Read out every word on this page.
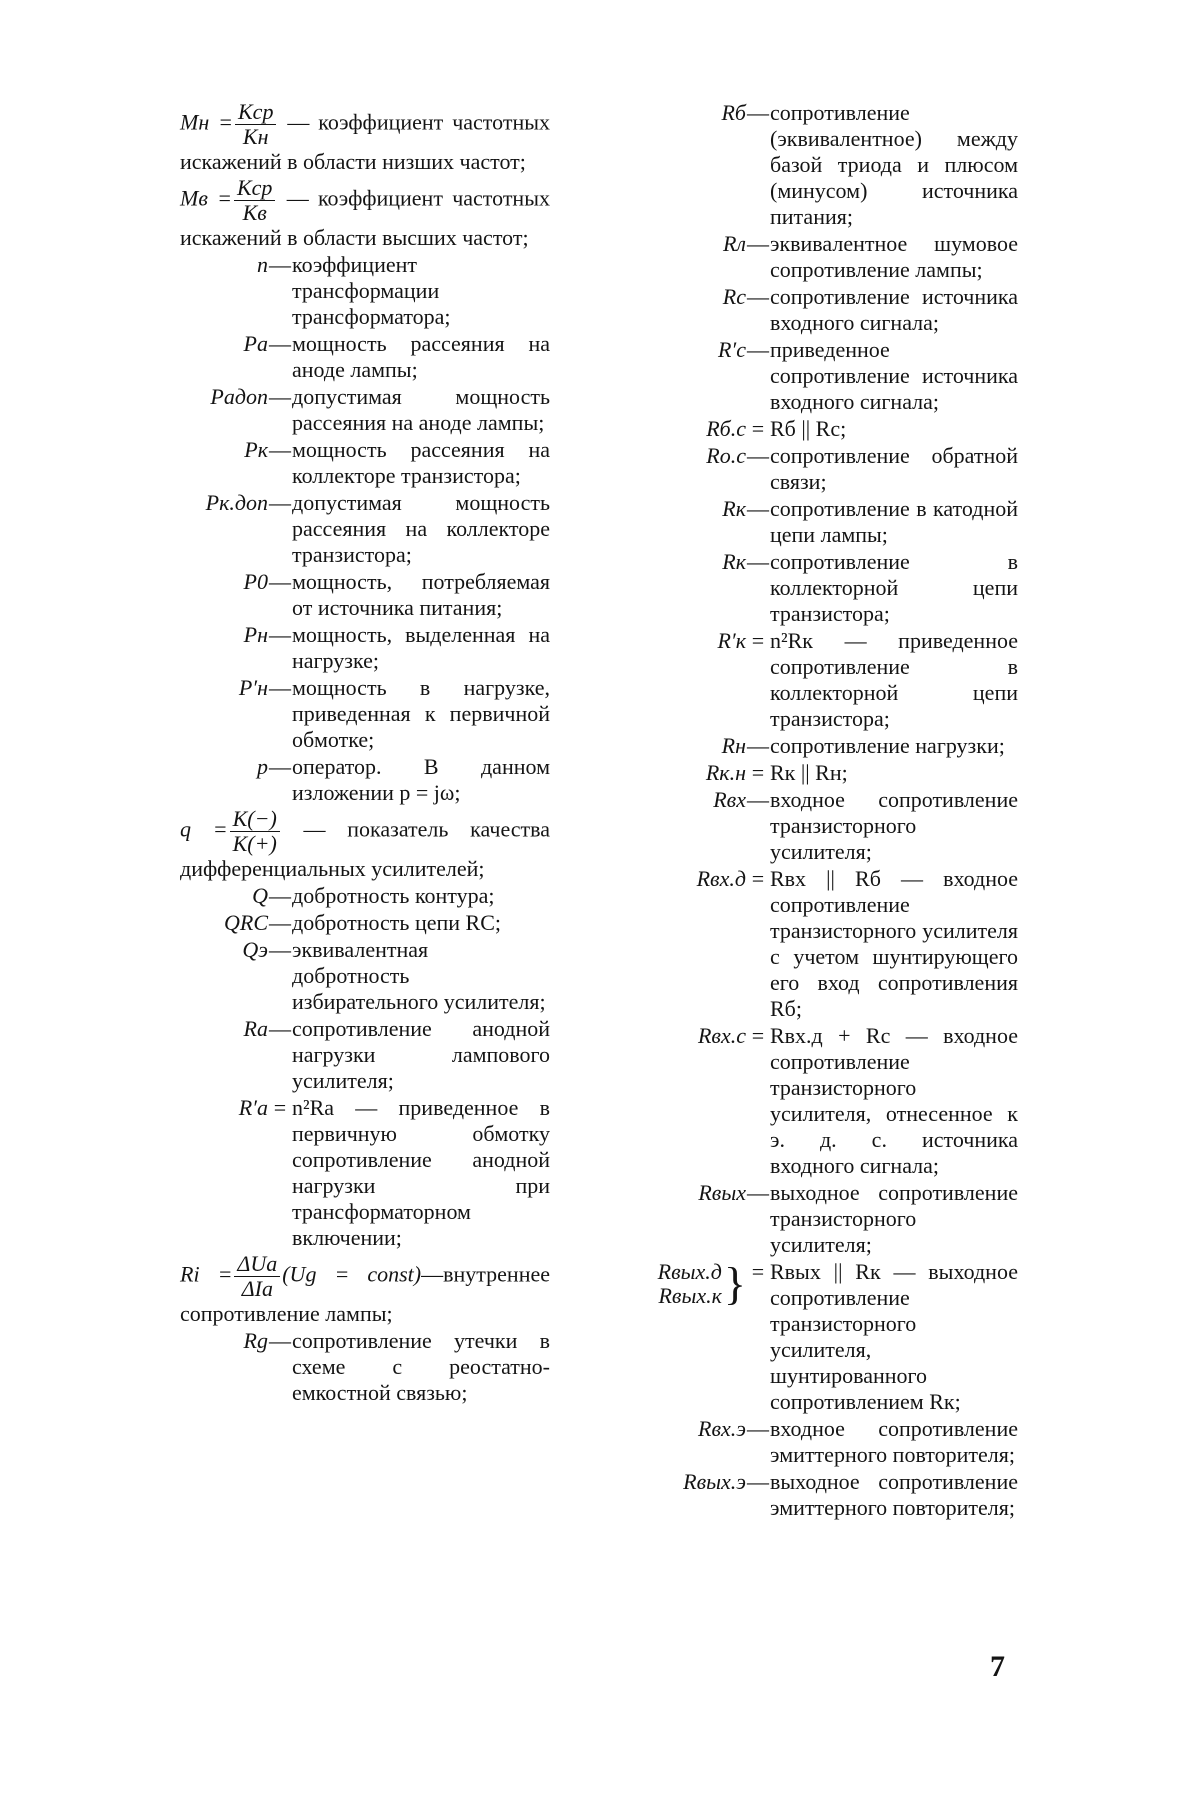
Mн = $\frac{\text{Kср}}{Kн}$ — коэффициент частотных искажений в области низших частот;
Mв = $\frac{\text{Kср}}{Kв}$ — коэффициент частотных искажений в области высших частот;
n — коэффициент трансформации трансформатора;
Pa — мощность рассеяния на аноде лампы;
Pадоп — допустимая мощность рассеяния на аноде лампы;
Pк — мощность рассеяния на коллекторе транзистора;
Pк.доп — допустимая мощность рассеяния на коллекторе транзистора;
P0 — мощность, потребляемая от источника питания;
Pн — мощность, выделенная на нагрузке;
P′н — мощность в нагрузке, приведенная к первичной обмотке;
p — оператор. В данном изложении p = jω;
$q = \frac{K(-)}{K(+)}$ — показатель качества дифференциальных усилителей;
Q — добротность контура;
QRC — добротность цепи RC;
Qэ — эквивалентная добротность избирательного усилителя;
Ra — сопротивление анодной нагрузки лампового усилителя;
R′a = n²Ra — приведенное в первичную обмотку сопротивление анодной нагрузки при трансформаторном включении;
$Ri = \frac{\text{ΔUa}}{\text{ΔIa}} (Ug$ = const)—внутреннее сопротивление лампы;
Rg — сопротивление утечки в схеме с реостатно-емкостной связью;
Rб — сопротивление (эквивалентное) между базой триода и плюсом (минусом) источника питания;
Rл — эквивалентное шумовое сопротивление лампы;
Rс — сопротивление источника входного сигнала;
R′с — приведенное сопротивление источника входного сигнала;
Rб.с = Rб || Rс;
Rо.с — сопротивление обратной связи;
Rк — сопротивление в катодной цепи лампы;
Rк — сопротивление в коллекторной цепи транзистора;
R′к = n²Rк — приведенное сопротивление в коллекторной цепи транзистора;
Rн — сопротивление нагрузки;
Rк.н = Rк || Rн;
Rвх — входное сопротивление транзисторного усилителя;
Rвх.д = Rвх || Rб — входное сопротивление транзисторного усилителя с учетом шунтирующего его вход сопротивления Rб;
Rвх.с = Rвх.д + Rс — входное сопротивление транзисторного усилителя, отнесенное к э. д. с. источника входного сигнала;
Rвых — выходное сопротивление транзисторного усилителя;
Rвых.д
Rвых.к } = Rвых || Rк — выходное сопротивление транзисторного усилителя, шунтированного сопротивлением Rк;
Rвх.э — входное сопротивление эмиттерного повторителя;
Rвых.э — выходное сопротивление эмиттерного повторителя;
7
